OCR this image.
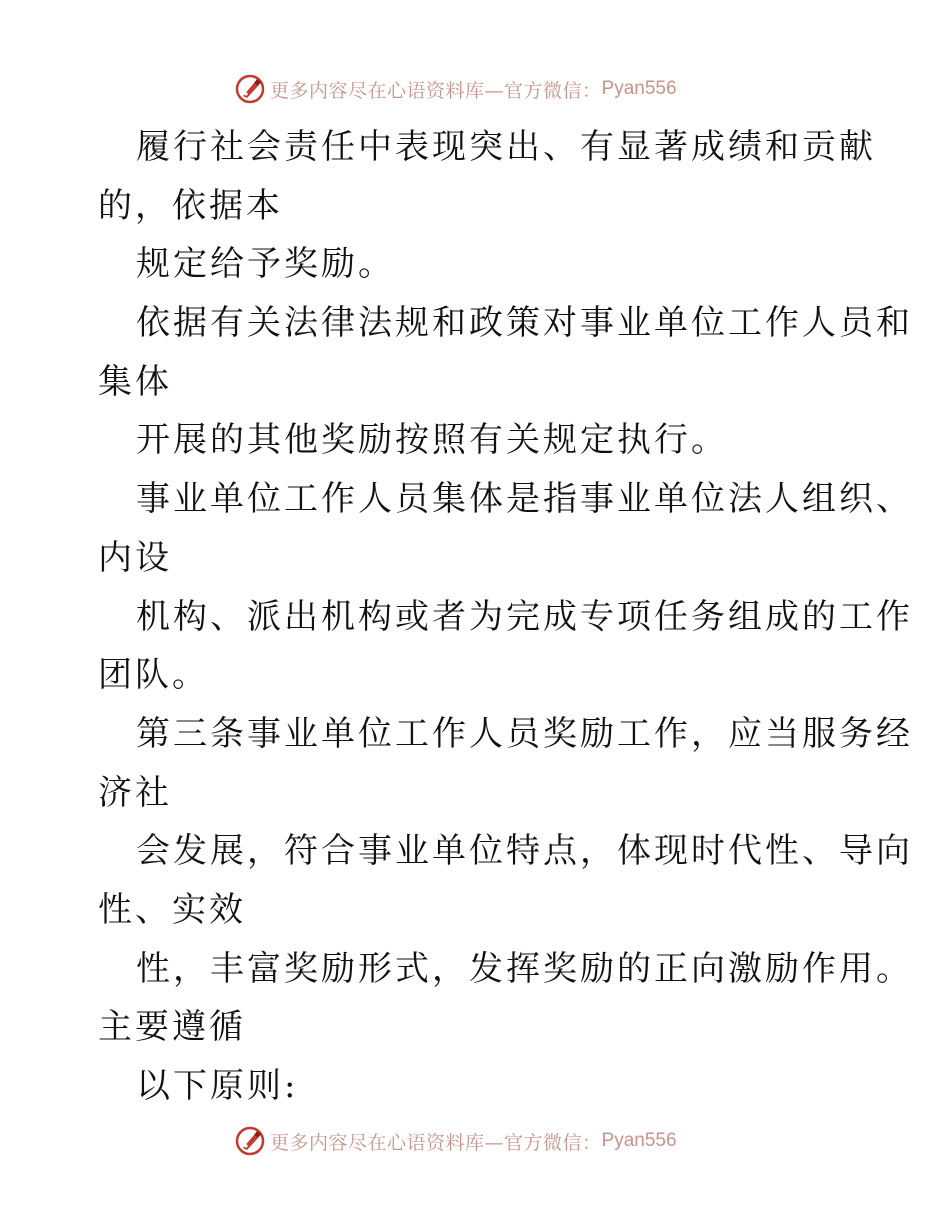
更多内容尽在心语资料库—官方微信： Pyan556
履行社会责任中表现突出、有显著成绩和贡献
的，依据本
规定给予奖励。
依据有关法律法规和政策对事业单位工作人员和
集体
开展的其他奖励按照有关规定执行。
事业单位工作人员集体是指事业单位法人组织、
内设
机构、派出机构或者为完成专项任务组成的工作
团队。
第三条事业单位工作人员奖励工作，应当服务经
济社
会发展，符合事业单位特点，体现时代性、导向
性、实效
性，丰富奖励形式，发挥奖励的正向激励作用。
主要遵循
以下原则:
更多内容尽在心语资料库—官方微信： Pyan556
